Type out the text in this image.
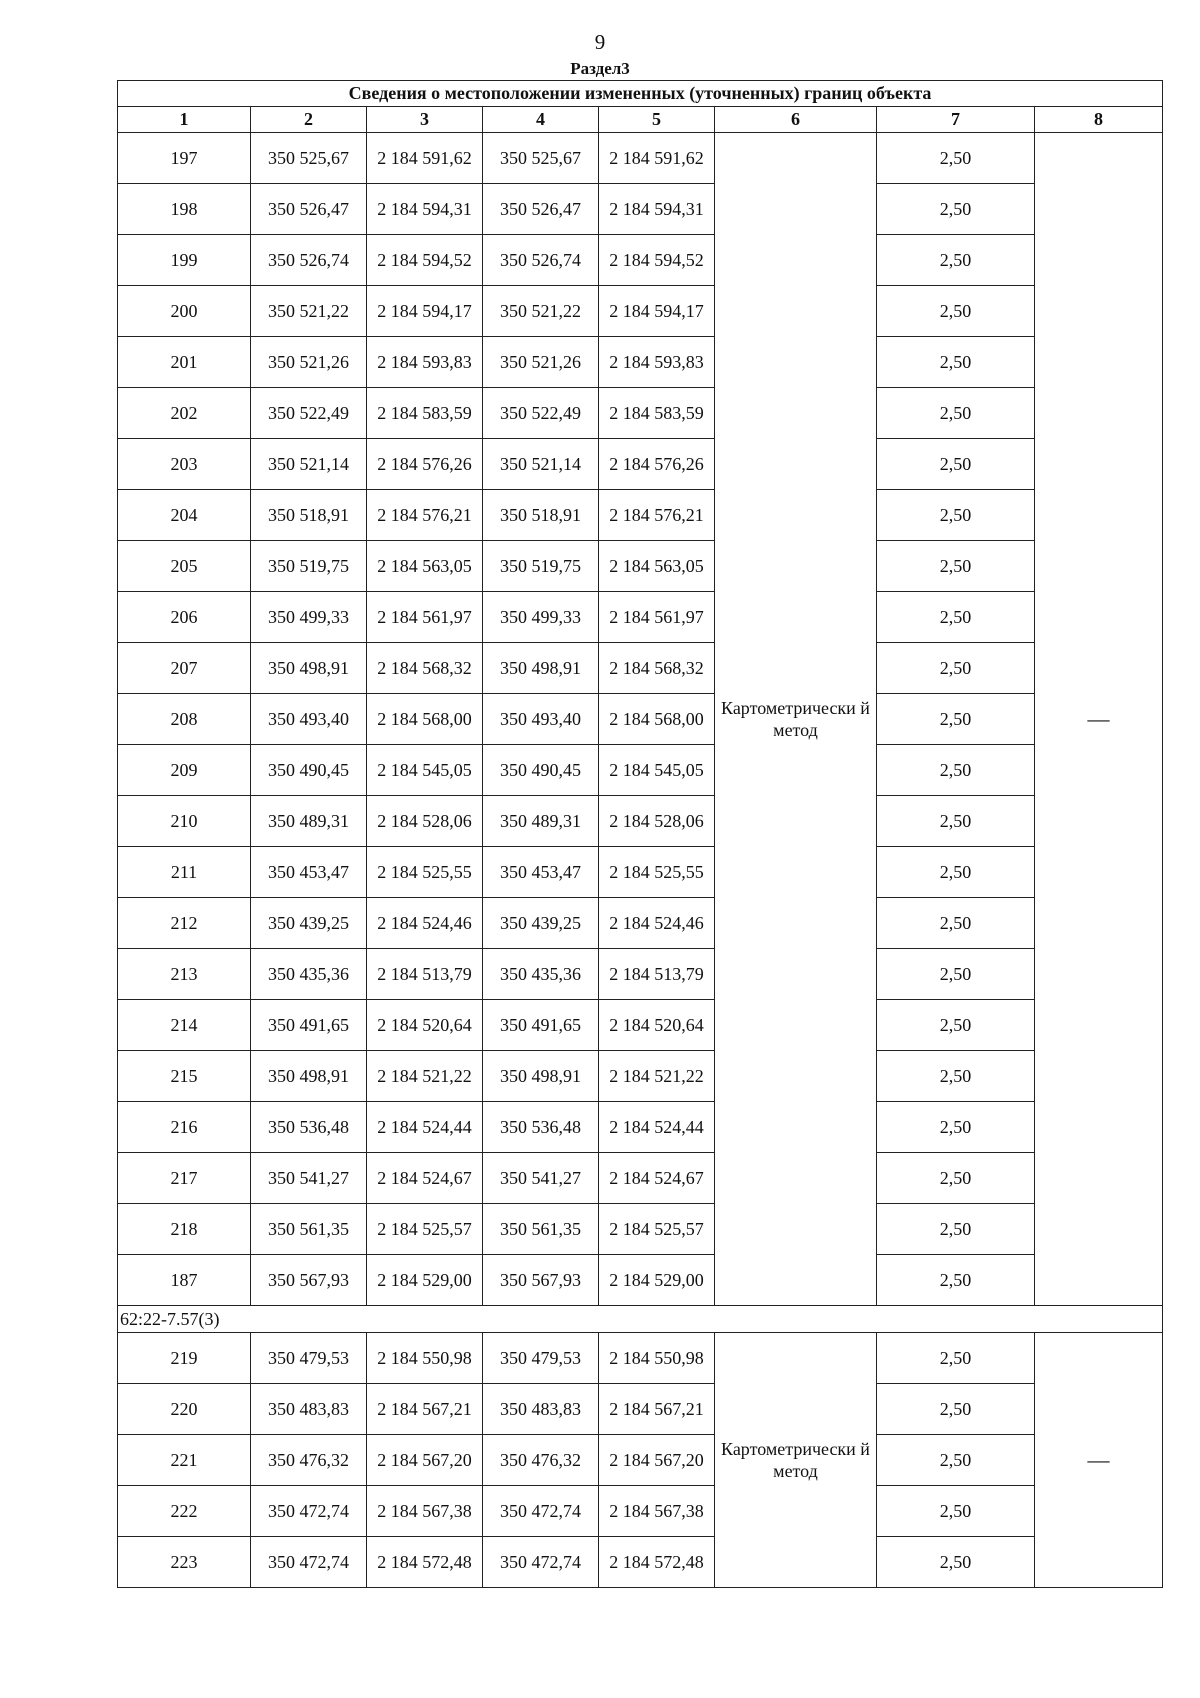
9
Раздел3
Сведения о местоположении измененных (уточненных) границ объекта							
1	2	3	4	5	6	7	8
197	350 525,67	2 184 591,62	350 525,67	2 184 591,62	Картометрически й метод	2,50	—
198	350 526,47	2 184 594,31	350 526,47	2 184 594,31		2,50	
199	350 526,74	2 184 594,52	350 526,74	2 184 594,52		2,50	
200	350 521,22	2 184 594,17	350 521,22	2 184 594,17		2,50	
201	350 521,26	2 184 593,83	350 521,26	2 184 593,83		2,50	
202	350 522,49	2 184 583,59	350 522,49	2 184 583,59		2,50	
203	350 521,14	2 184 576,26	350 521,14	2 184 576,26		2,50	
204	350 518,91	2 184 576,21	350 518,91	2 184 576,21		2,50	
205	350 519,75	2 184 563,05	350 519,75	2 184 563,05		2,50	
206	350 499,33	2 184 561,97	350 499,33	2 184 561,97		2,50	
207	350 498,91	2 184 568,32	350 498,91	2 184 568,32		2,50	
208	350 493,40	2 184 568,00	350 493,40	2 184 568,00		2,50	
209	350 490,45	2 184 545,05	350 490,45	2 184 545,05		2,50	
210	350 489,31	2 184 528,06	350 489,31	2 184 528,06		2,50	
211	350 453,47	2 184 525,55	350 453,47	2 184 525,55		2,50	
212	350 439,25	2 184 524,46	350 439,25	2 184 524,46		2,50	
213	350 435,36	2 184 513,79	350 435,36	2 184 513,79		2,50	
214	350 491,65	2 184 520,64	350 491,65	2 184 520,64		2,50	
215	350 498,91	2 184 521,22	350 498,91	2 184 521,22		2,50	
216	350 536,48	2 184 524,44	350 536,48	2 184 524,44		2,50	
217	350 541,27	2 184 524,67	350 541,27	2 184 524,67		2,50	
218	350 561,35	2 184 525,57	350 561,35	2 184 525,57		2,50	
187	350 567,93	2 184 529,00	350 567,93	2 184 529,00		2,50	
62:22-7.57(3)							
219	350 479,53	2 184 550,98	350 479,53	2 184 550,98	Картометрически й метод	2,50	—
220	350 483,83	2 184 567,21	350 483,83	2 184 567,21		2,50	
221	350 476,32	2 184 567,20	350 476,32	2 184 567,20		2,50	
222	350 472,74	2 184 567,38	350 472,74	2 184 567,38		2,50	
223	350 472,74	2 184 572,48	350 472,74	2 184 572,48		2,50	
